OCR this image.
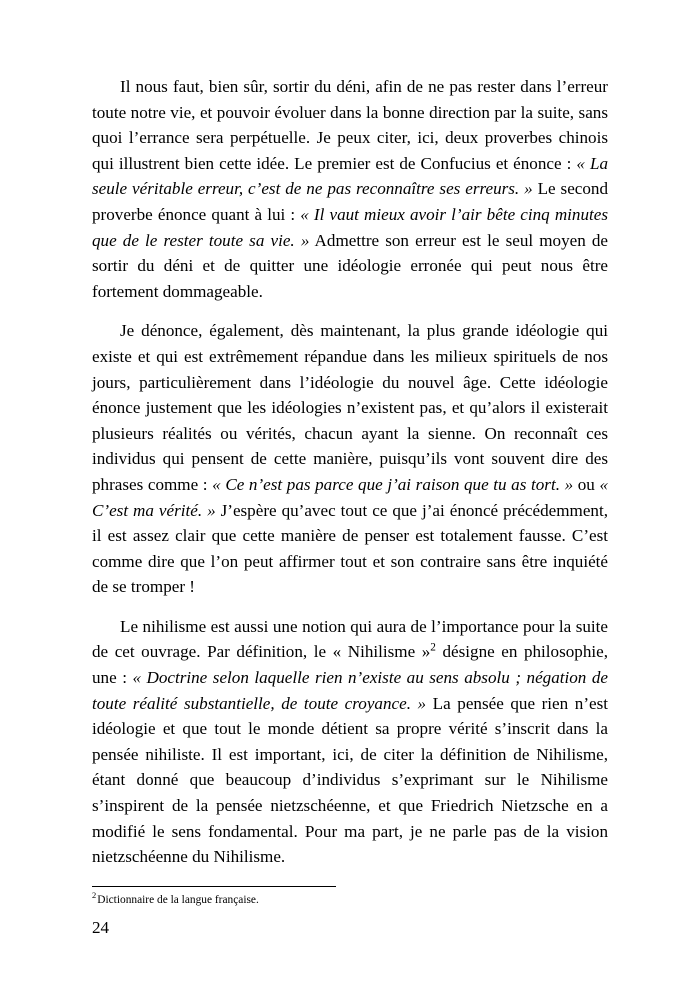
Il nous faut, bien sûr, sortir du déni, afin de ne pas rester dans l’erreur toute notre vie, et pouvoir évoluer dans la bonne direction par la suite, sans quoi l’errance sera perpétuelle. Je peux citer, ici, deux proverbes chinois qui illustrent bien cette idée. Le premier est de Confucius et énonce : « La seule véritable erreur, c’est de ne pas reconnaître ses erreurs. » Le second proverbe énonce quant à lui : « Il vaut mieux avoir l’air bête cinq minutes que de le rester toute sa vie. » Admettre son erreur est le seul moyen de sortir du déni et de quitter une idéologie erronée qui peut nous être fortement dommageable.

Je dénonce, également, dès maintenant, la plus grande idéologie qui existe et qui est extrêmement répandue dans les milieux spirituels de nos jours, particulièrement dans l’idéologie du nouvel âge. Cette idéologie énonce justement que les idéologies n’existent pas, et qu’alors il existerait plusieurs réalités ou vérités, chacun ayant la sienne. On reconnaît ces individus qui pensent de cette manière, puisqu’ils vont souvent dire des phrases comme : « Ce n’est pas parce que j’ai raison que tu as tort. » ou « C’est ma vérité. » J’espère qu’avec tout ce que j’ai énoncé précédemment, il est assez clair que cette manière de penser est totalement fausse. C’est comme dire que l’on peut affirmer tout et son contraire sans être inquiété de se tromper !

Le nihilisme est aussi une notion qui aura de l’importance pour la suite de cet ouvrage. Par définition, le « Nihilisme »$^2$ désigne en philosophie, une : « Doctrine selon laquelle rien n’existe au sens absolu ; négation de toute réalité substantielle, de toute croyance. » La pensée que rien n’est idéologie et que tout le monde détient sa propre vérité s’inscrit dans la pensée nihiliste. Il est important, ici, de citer la définition de Nihilisme, étant donné que beaucoup d’individus s’exprimant sur le Nihilisme s’inspirent de la pensée nietzschéenne, et que Friedrich Nietzsche en a modifié le sens fondamental. Pour ma part, je ne parle pas de la vision nietzschéenne du Nihilisme.

$^2$Dictionnaire de la langue française.

24
